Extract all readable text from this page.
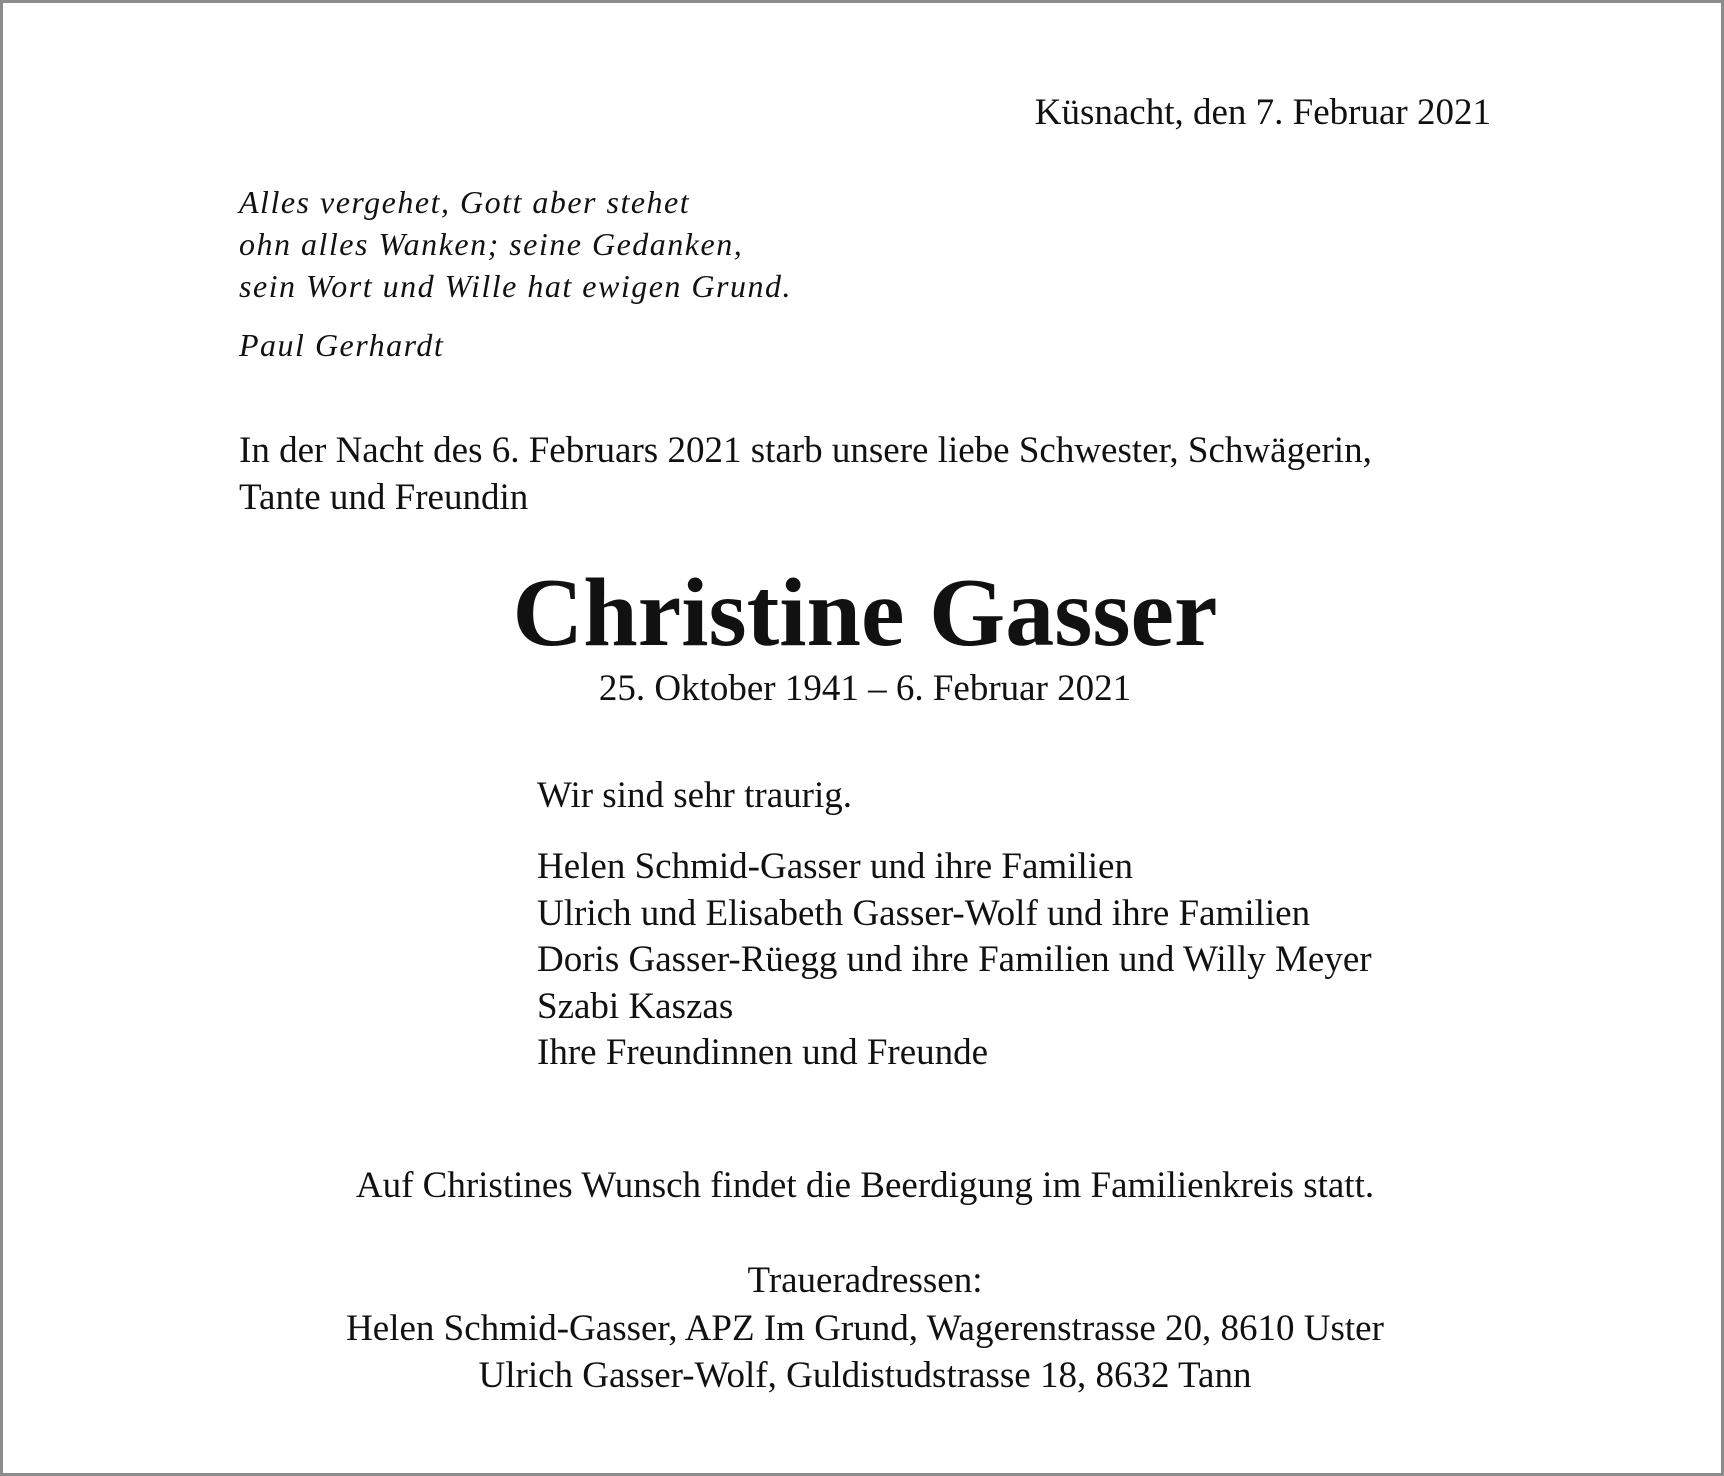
Küsnacht, den 7. Februar 2021

Alles vergehet, Gott aber stehet
ohn alles Wanken; seine Gedanken,
sein Wort und Wille hat ewigen Grund.

Paul Gerhardt

In der Nacht des 6. Februars 2021 starb unsere liebe Schwester, Schwägerin,
Tante und Freundin
Christine Gasser

25. Oktober 1941 – 6. Februar 2021

Wir sind sehr traurig.

Helen Schmid-Gasser und ihre Familien
Ulrich und Elisabeth Gasser-Wolf und ihre Familien
Doris Gasser-Rüegg und ihre Familien und Willy Meyer
Szabi Kaszas
Ihre Freundinnen und Freunde

Auf Christines Wunsch findet die Beerdigung im Familienkreis statt.

Traueradressen:

Helen Schmid-Gasser, APZ Im Grund, Wagerenstrasse 20, 8610 Uster
Ulrich Gasser-Wolf, Guldistudstrasse 18, 8632 Tann
